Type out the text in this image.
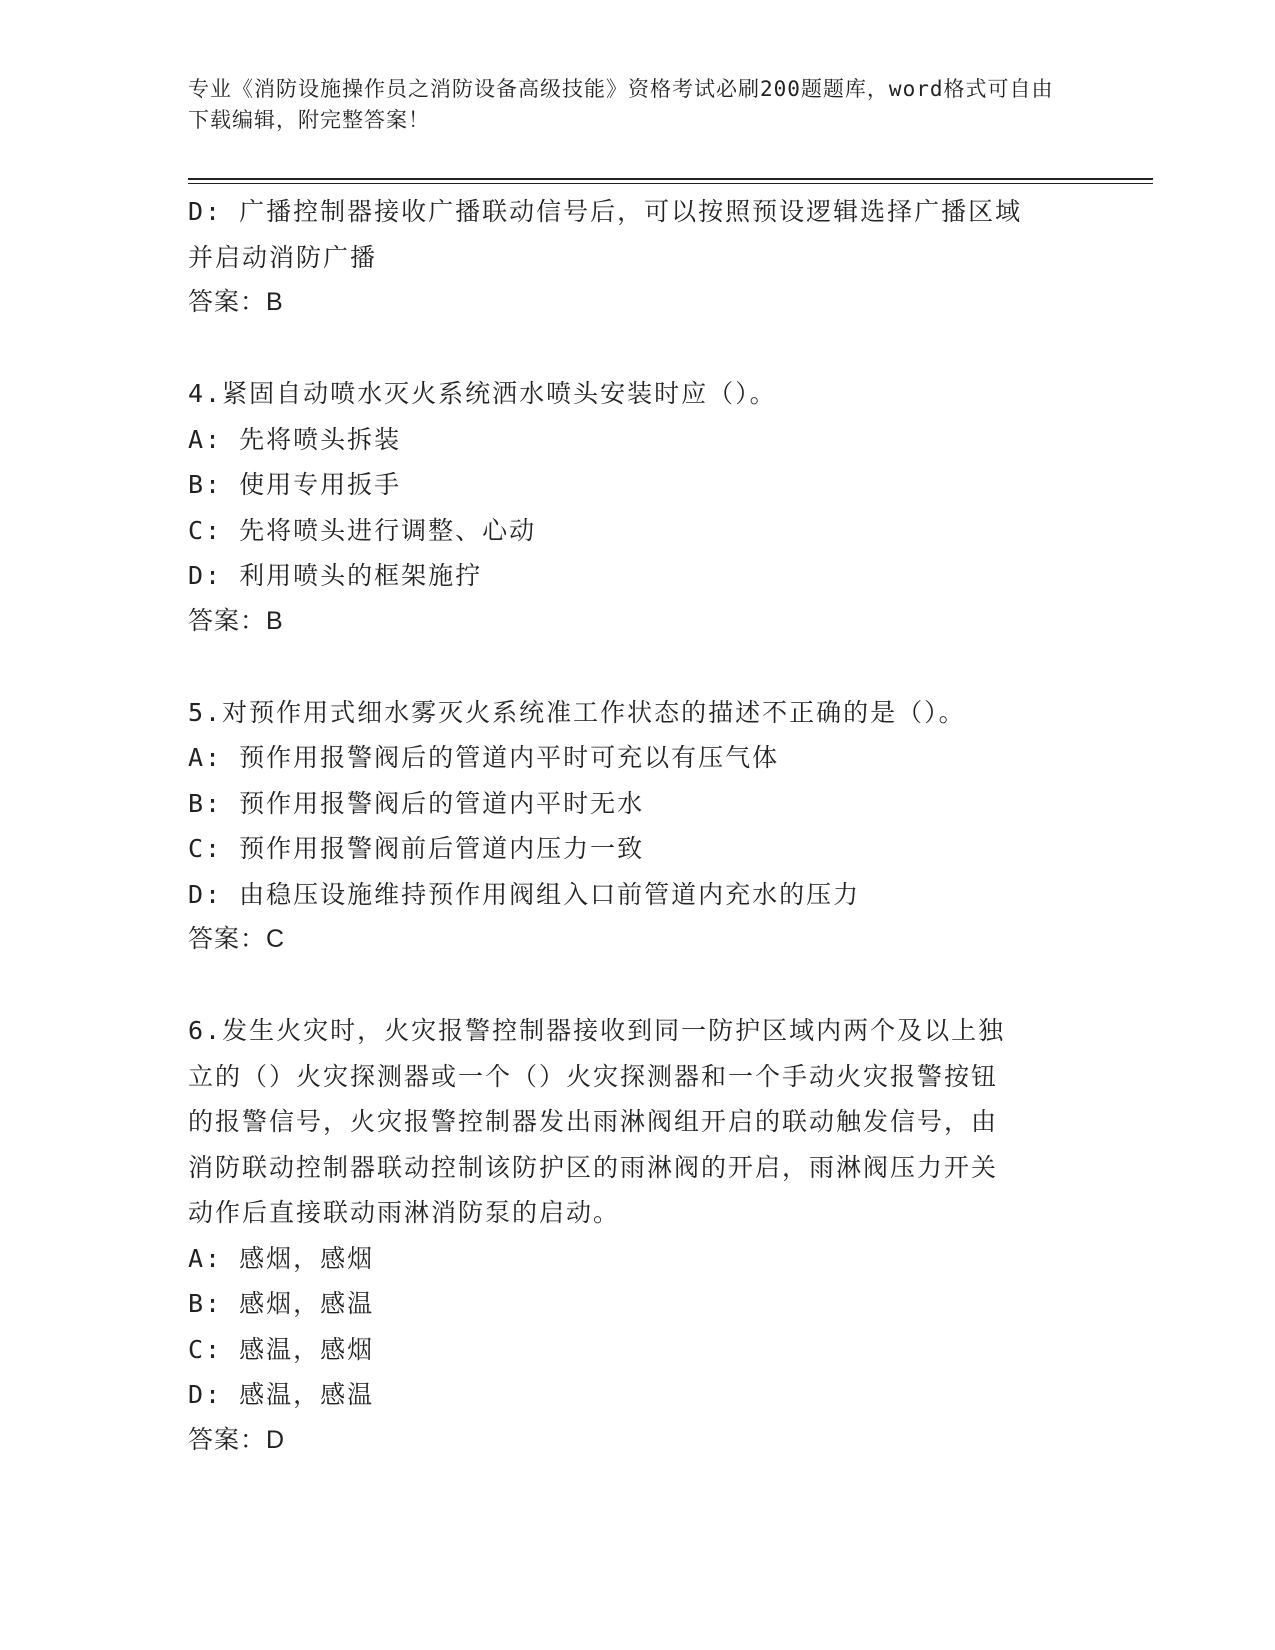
专业《消防设施操作员之消防设备高级技能》资格考试必刷200题题库，word格式可自由下载编辑，附完整答案！
D: 广播控制器接收广播联动信号后，可以按照预设逻辑选择广播区域
并启动消防广播
答案：B
4.紧固自动喷水灭火系统洒水喷头安装时应（）。
A: 先将喷头拆装
B: 使用专用扳手
C: 先将喷头进行调整、心动
D: 利用喷头的框架施拧
答案：B
5.对预作用式细水雾灭火系统准工作状态的描述不正确的是（）。
A: 预作用报警阀后的管道内平时可充以有压气体
B: 预作用报警阀后的管道内平时无水
C: 预作用报警阀前后管道内压力一致
D: 由稳压设施维持预作用阀组入口前管道内充水的压力
答案：C
6.发生火灾时，火灾报警控制器接收到同一防护区域内两个及以上独
立的（）火灾探测器或一个（）火灾探测器和一个手动火灾报警按钮
的报警信号，火灾报警控制器发出雨淋阀组开启的联动触发信号，由
消防联动控制器联动控制该防护区的雨淋阀的开启，雨淋阀压力开关
动作后直接联动雨淋消防泵的启动。
A: 感烟，感烟
B: 感烟，感温
C: 感温，感烟
D: 感温，感温
答案：D
